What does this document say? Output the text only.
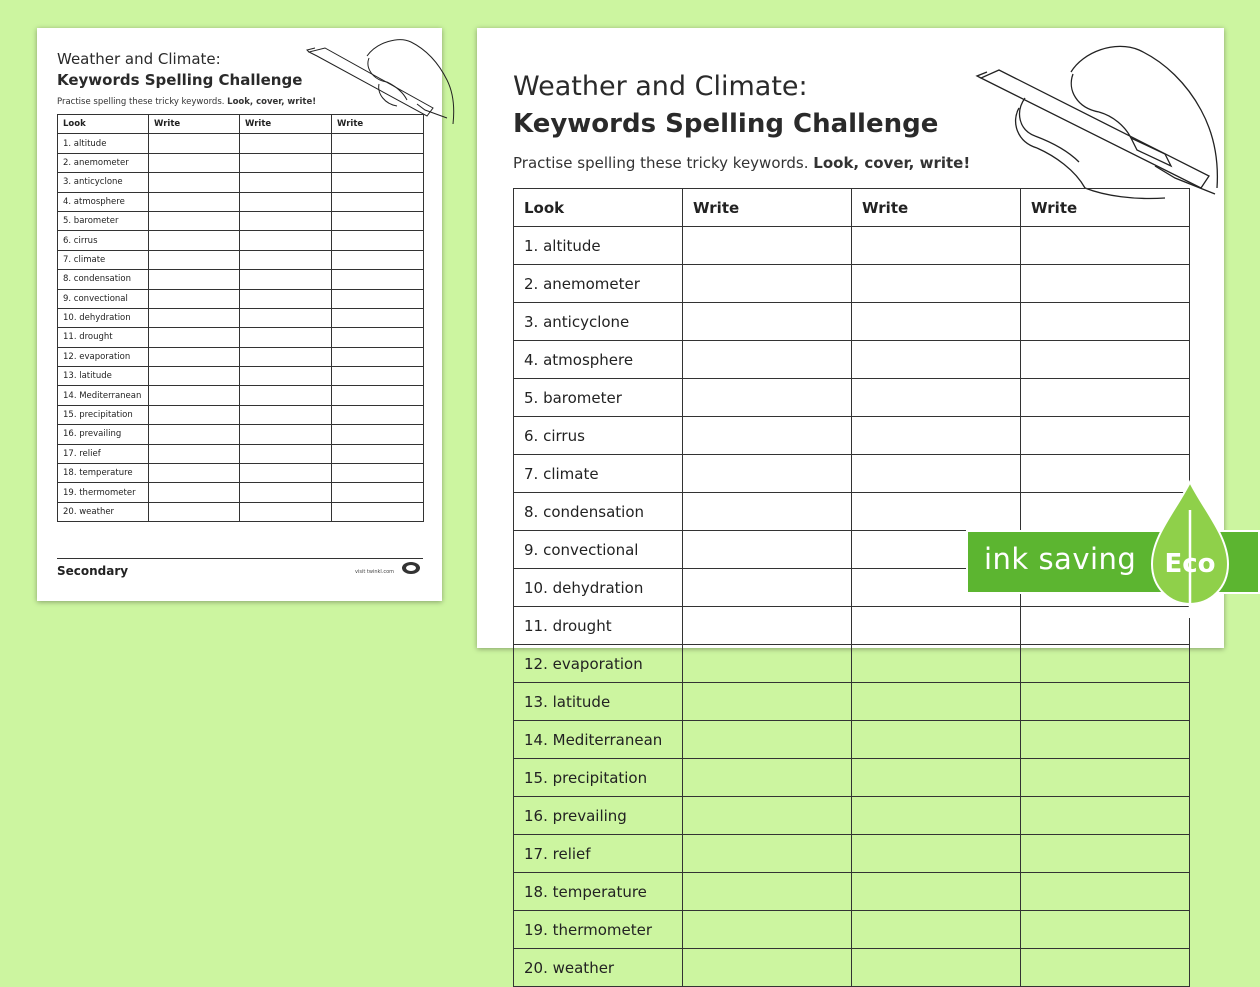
Weather and Climate:
Keywords Spelling Challenge
Practise spelling these tricky keywords. Look, cover, write!
Look	Write	Write	Write
1. altitude			
2. anemometer			
3. anticyclone			
4. atmosphere			
5. barometer			
6. cirrus			
7. climate			
8. condensation			
9. convectional			
10. dehydration			
11. drought			
12. evaporation			
13. latitude			
14. Mediterranean			
15. precipitation			
16. prevailing			
17. relief			
18. temperature			
19. thermometer			
20. weather			
Secondary	visit twinkl.com
Weather and Climate:
Keywords Spelling Challenge
Practise spelling these tricky keywords. Look, cover, write!
Look	Write	Write	Write
1. altitude			
2. anemometer			
3. anticyclone			
4. atmosphere			
5. barometer			
6. cirrus			
7. climate			
8. condensation			
9. convectional			
10. dehydration			
11. drought			
12. evaporation			
13. latitude			
14. Mediterranean			
15. precipitation			
16. prevailing			
17. relief			
18. temperature			
19. thermometer			
20. weather			
ink saving Eco
